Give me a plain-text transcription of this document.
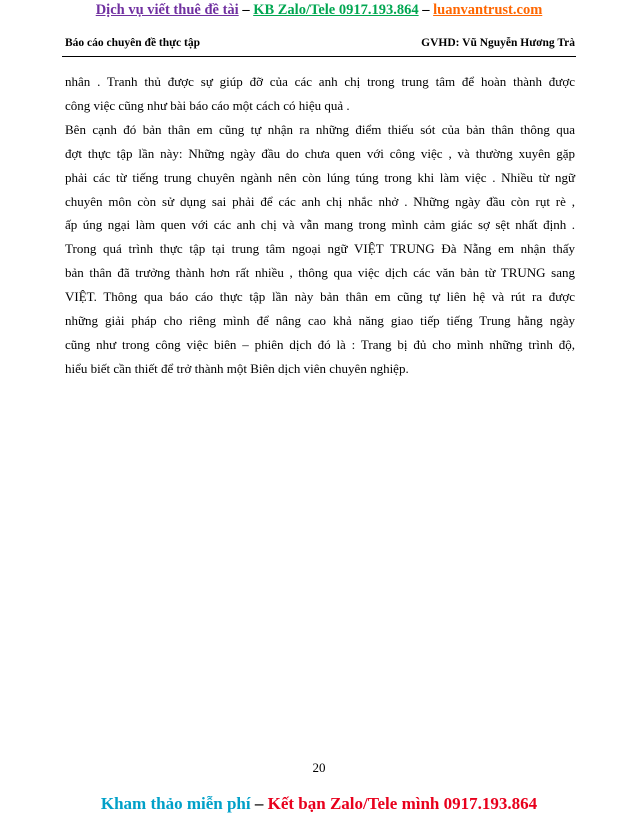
Dịch vụ viết thuê đề tài – KB Zalo/Tele 0917.193.864 – luanvantrust.com
Báo cáo chuyên đề thực tập	GVHD: Vũ Nguyễn Hương Trà

nhân . Tranh thủ được sự giúp đỡ của các anh chị trong trung tâm để hoàn thành được

công việc cũng như bài báo cáo một cách có hiệu quả .

Bên cạnh đó bản thân em cũng tự nhận ra những điểm thiếu sót của bản thân thông qua

đợt thực tập lần này: Những ngày đầu do chưa quen với công việc , và thường xuyên gặp

phải các từ tiếng trung chuyên ngành nên còn lúng túng trong khi làm việc . Nhiều từ ngữ

chuyên môn còn sử dụng sai phải để các anh chị nhắc nhở . Những ngày đầu còn rụt rè ,

ấp úng ngại làm quen với các anh chị và vẫn mang trong mình cảm giác sợ sệt nhất định .

Trong quá trình thực tập tại trung tâm ngoại ngữ VIỆT TRUNG Đà Nẵng em nhận thấy

bản thân đã trưởng thành hơn rất nhiều , thông qua việc dịch các văn bản từ TRUNG sang

VIỆT. Thông qua báo cáo thực tập lần này bản thân em cũng tự liên hệ và rút ra được

những giải pháp cho riêng mình để nâng cao khả năng giao tiếp tiếng Trung hằng ngày

cũng như trong công việc biên – phiên dịch đó là : Trang bị đủ cho mình những trình độ,

hiểu biết cần thiết để trở thành một Biên dịch viên chuyên nghiệp.

20
Kham thảo miễn phí – Kết bạn Zalo/Tele mình 0917.193.864
